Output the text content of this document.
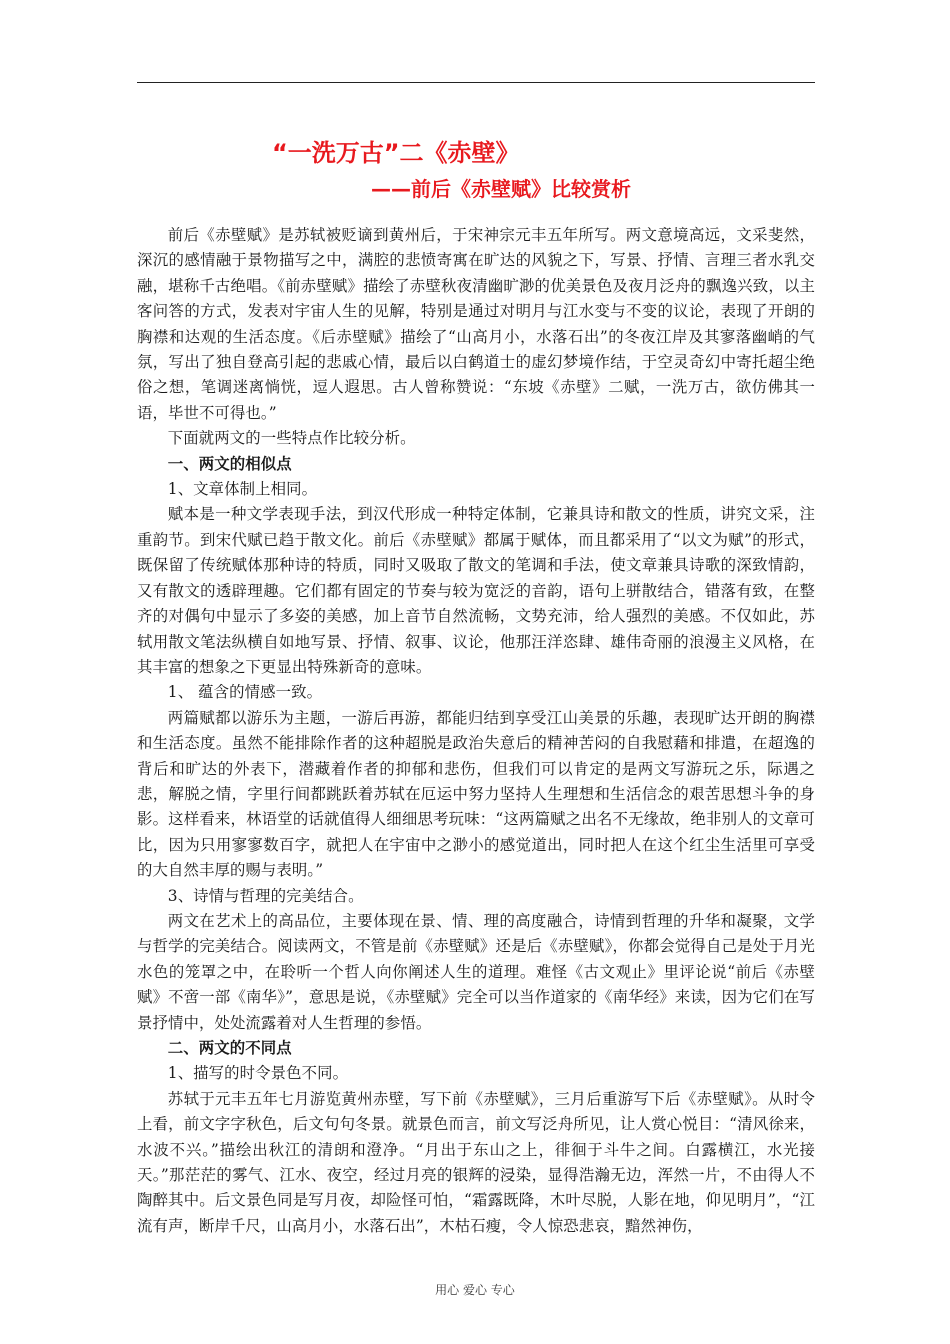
“一洗万古”二《赤壁》
——前后《赤壁赋》比较赏析

前后《赤壁赋》是苏轼被贬谪到黄州后，于宋神宗元丰五年所写。两文意境高远，文采斐然，深沉的感情融于景物描写之中，满腔的悲愤寄寓在旷达的风貌之下，写景、抒情、言理三者水乳交融，堪称千古绝唱。《前赤壁赋》描绘了赤壁秋夜清幽旷渺的优美景色及夜月泛舟的飘逸兴致，以主客问答的方式，发表对宇宙人生的见解，特别是通过对明月与江水变与不变的议论，表现了开朗的胸襟和达观的生活态度。《后赤壁赋》描绘了“山高月小，水落石出”的冬夜江岸及其寥落幽峭的气氛，写出了独自登高引起的悲戚心情，最后以白鹤道士的虚幻梦境作结，于空灵奇幻中寄托超尘绝俗之想，笔调迷离惝恍，逗人遐思。古人曾称赞说：“东坡《赤壁》二赋，一洗万古，欲仿佛其一语，毕世不可得也。”

下面就两文的一些特点作比较分析。

一、两文的相似点

1、文章体制上相同。

赋本是一种文学表现手法，到汉代形成一种特定体制，它兼具诗和散文的性质，讲究文采，注重韵节。到宋代赋已趋于散文化。前后《赤壁赋》都属于赋体，而且都采用了“以文为赋”的形式，既保留了传统赋体那种诗的特质，同时又吸取了散文的笔调和手法，使文章兼具诗歌的深致情韵，又有散文的透辟理趣。它们都有固定的节奏与较为宽泛的音韵，语句上骈散结合，错落有致，在整齐的对偶句中显示了多姿的美感，加上音节自然流畅，文势充沛，给人强烈的美感。不仅如此，苏轼用散文笔法纵横自如地写景、抒情、叙事、议论，他那汪洋恣肆、雄伟奇丽的浪漫主义风格，在其丰富的想象之下更显出特殊新奇的意味。

1、 蕴含的情感一致。

两篇赋都以游乐为主题，一游后再游，都能归结到享受江山美景的乐趣，表现旷达开朗的胸襟和生活态度。虽然不能排除作者的这种超脱是政治失意后的精神苦闷的自我慰藉和排遣，在超逸的背后和旷达的外表下，潜藏着作者的抑郁和悲伤，但我们可以肯定的是两文写游玩之乐，际遇之悲，解脱之情，字里行间都跳跃着苏轼在厄运中努力坚持人生理想和生活信念的艰苦思想斗争的身影。这样看来，林语堂的话就值得人细细思考玩味：“这两篇赋之出名不无缘故，绝非别人的文章可比，因为只用寥寥数百字，就把人在宇宙中之渺小的感觉道出，同时把人在这个红尘生活里可享受的大自然丰厚的赐与表明。”

3、诗情与哲理的完美结合。

两文在艺术上的高品位，主要体现在景、情、理的高度融合，诗情到哲理的升华和凝聚，文学与哲学的完美结合。阅读两文，不管是前《赤壁赋》还是后《赤壁赋》，你都会觉得自己是处于月光水色的笼罩之中，在聆听一个哲人向你阐述人生的道理。难怪《古文观止》里评论说“前后《赤壁赋》不啻一部《南华》”，意思是说，《赤壁赋》完全可以当作道家的《南华经》来读，因为它们在写景抒情中，处处流露着对人生哲理的参悟。

二、两文的不同点

1、描写的时令景色不同。

苏轼于元丰五年七月游览黄州赤壁，写下前《赤壁赋》，三月后重游写下后《赤壁赋》。从时令上看，前文字字秋色，后文句句冬景。就景色而言，前文写泛舟所见，让人赏心悦目：“清风徐来，水波不兴。”描绘出秋江的清朗和澄净。“月出于东山之上，徘徊于斗牛之间。白露横江，水光接天。”那茫茫的雾气、江水、夜空，经过月亮的银辉的浸染，显得浩瀚无边，浑然一片，不由得人不陶醉其中。后文景色同是写月夜，却险怪可怕，“霜露既降，木叶尽脱，人影在地，仰见明月”，“江流有声，断岸千尺，山高月小，水落石出”，木枯石瘦，令人惊恐悲哀，黯然神伤，

用心 爱心 专心
